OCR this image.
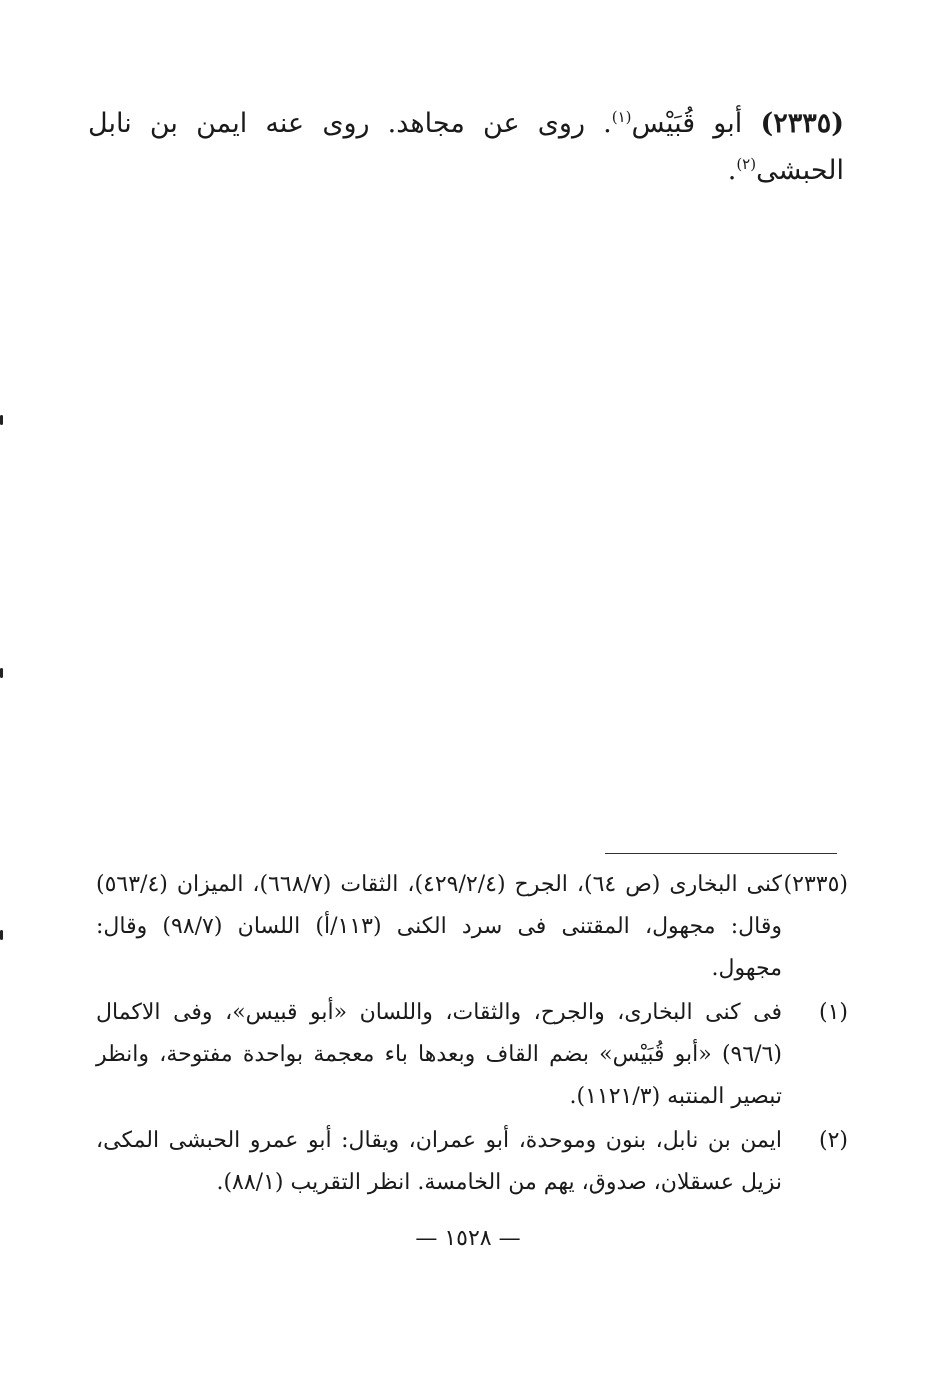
(٢٣٣٥) أبو قُبَيْس$^{(١)}$. روى عن مجاهد. روى عنه ايمن بن نابل الحبشى$^{(٢)}$.

(٢٣٣٥)
كنى البخارى (ص ٦٤)، الجرح (٤٢٩/٢/٤)، الثقات (٦٦٨/٧)، الميزان (٥٦٣/٤) وقال: مجهول، المقتنى فى سرد الكنى (١١٣/أ) اللسان (٩٨/٧) وقال: مجهول.
(١)
فى كنى البخارى، والجرح، والثقات، واللسان «أبو قبيس»، وفى الاكمال (٩٦/٦) «أبو قُبَيْس» بضم القاف وبعدها باء معجمة بواحدة مفتوحة، وانظر تبصير المنتبه (١١٢١/٣).
(٢)
ايمن بن نابل، بنون وموحدة، أبو عمران، ويقال: أبو عمرو الحبشى المكى، نزيل عسقلان، صدوق، يهم من الخامسة. انظر التقريب (٨٨/١).
— ١٥٢٨ —
